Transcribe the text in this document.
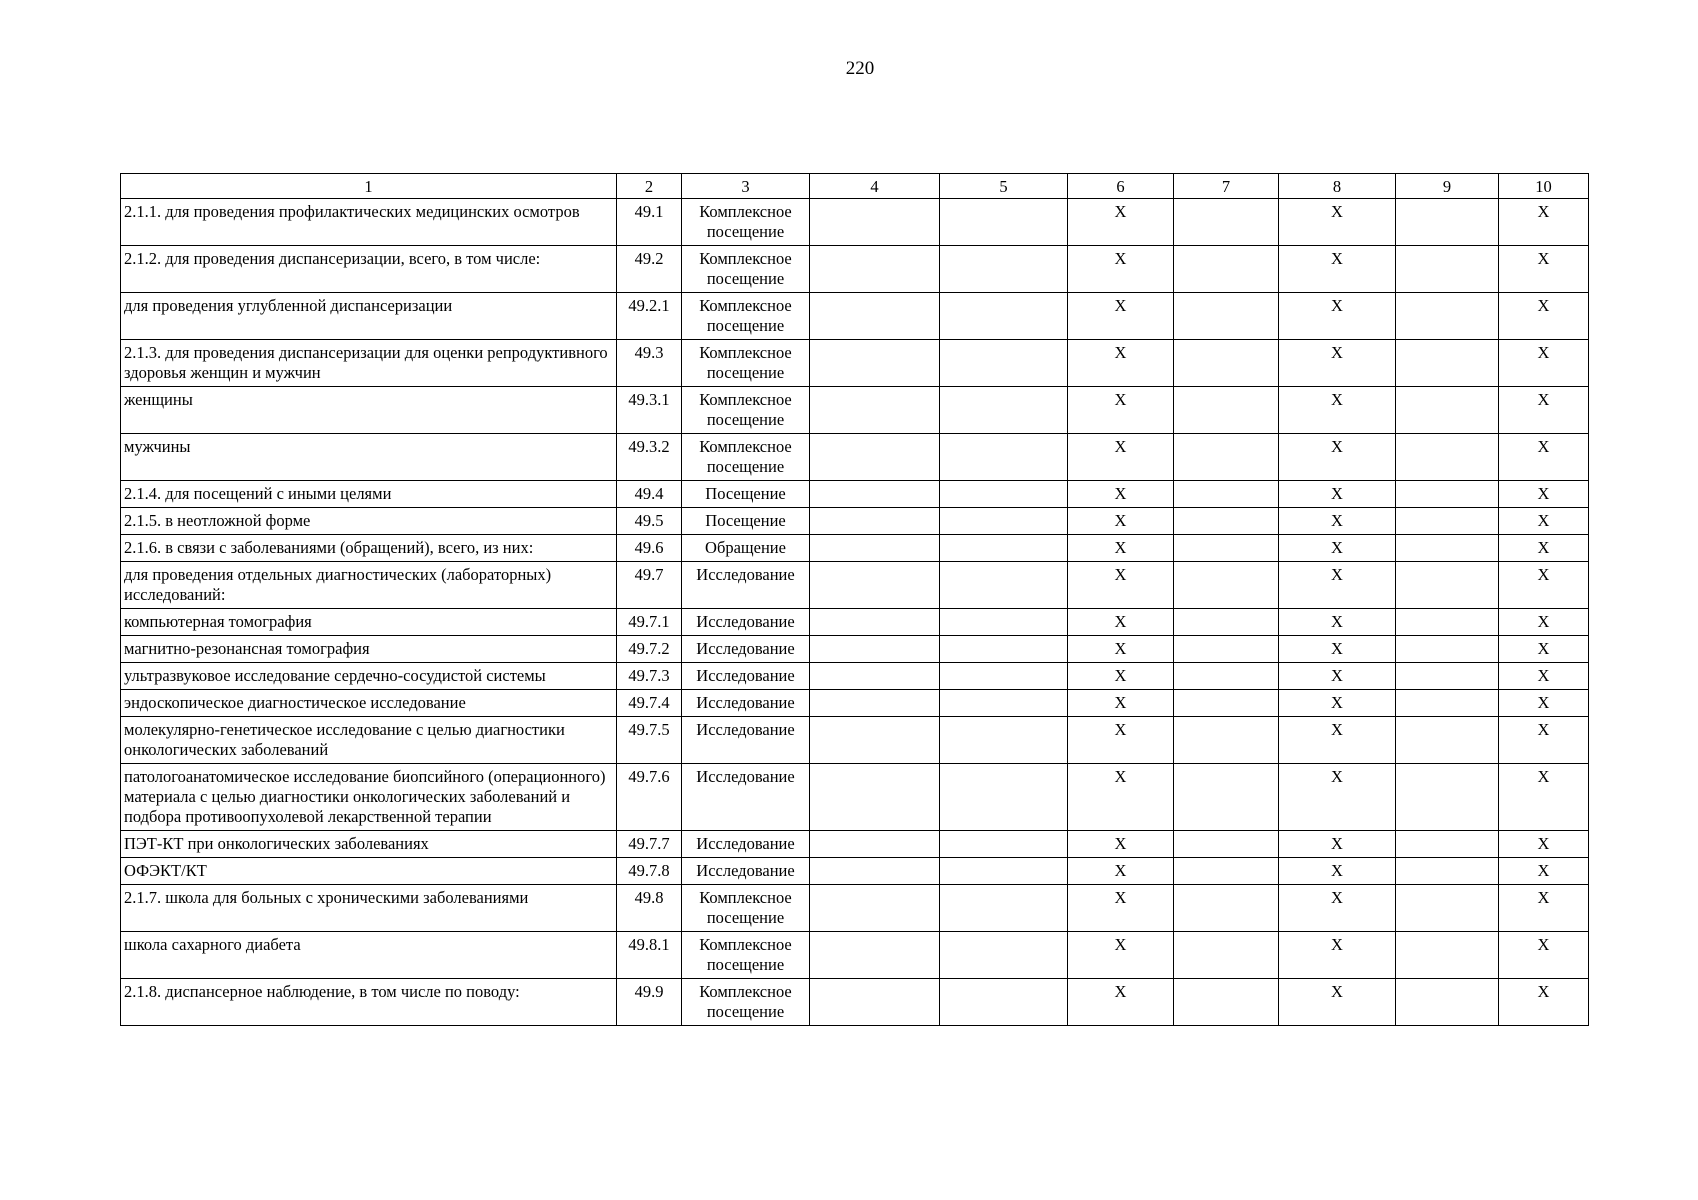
220
1	2	3	4	5	6	7	8	9	10
2.1.1. для проведения профилактических медицинских осмотров	49.1	Комплексное посещение			X		X		X
2.1.2. для проведения диспансеризации, всего, в том числе:	49.2	Комплексное посещение			X		X		X
для проведения углубленной диспансеризации	49.2.1	Комплексное посещение			X		X		X
2.1.3. для проведения диспансеризации для оценки репродуктивного здоровья женщин и мужчин	49.3	Комплексное посещение			X		X		X
женщины	49.3.1	Комплексное посещение			X		X		X
мужчины	49.3.2	Комплексное посещение			X		X		X
2.1.4. для посещений с иными целями	49.4	Посещение			X		X		X
2.1.5. в неотложной форме	49.5	Посещение			X		X		X
2.1.6. в связи с заболеваниями (обращений), всего, из них:	49.6	Обращение			X		X		X
для проведения отдельных диагностических (лабораторных) исследований:	49.7	Исследование			X		X		X
компьютерная томография	49.7.1	Исследование			X		X		X
магнитно-резонансная томография	49.7.2	Исследование			X		X		X
ультразвуковое исследование сердечно-сосудистой системы	49.7.3	Исследование			X		X		X
эндоскопическое диагностическое исследование	49.7.4	Исследование			X		X		X
молекулярно-генетическое исследование с целью диагностики онкологических заболеваний	49.7.5	Исследование			X		X		X
патологоанатомическое исследование биопсийного (операционного) материала с целью диагностики онкологических заболеваний и подбора противоопухолевой лекарственной терапии	49.7.6	Исследование			X		X		X
ПЭТ-КТ при онкологических заболеваниях	49.7.7	Исследование			X		X		X
ОФЭКТ/КТ	49.7.8	Исследование			X		X		X
2.1.7. школа для больных с хроническими заболеваниями	49.8	Комплексное посещение			X		X		X
школа сахарного диабета	49.8.1	Комплексное посещение			X		X		X
2.1.8. диспансерное наблюдение, в том числе по поводу:	49.9	Комплексное посещение			X		X		X
